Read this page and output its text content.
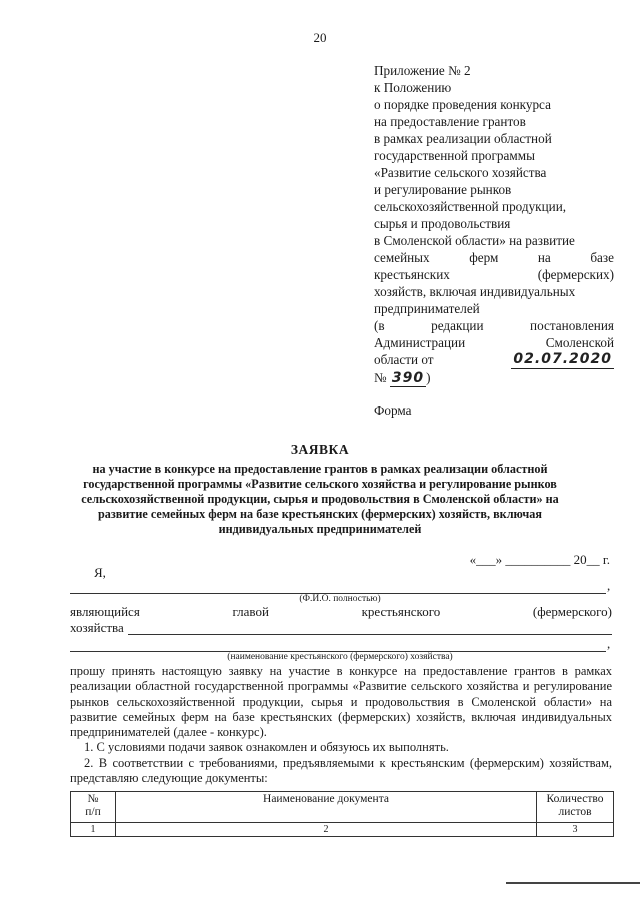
20
Приложение № 2
к Положению
о порядке проведения конкурса
на предоставление грантов
в рамках реализации областной
государственной программы
«Развитие сельского хозяйства
и регулирование рынков
сельскохозяйственной продукции,
сырья и продовольствия
в Смоленской области» на развитие
семейных	ферм	на	базе
крестьянских	(фермерских)
хозяйств, включая индивидуальных
предпринимателей
(в	редакции	постановления
Администрации	Смоленской
области от	02.07.2020
№ 390 )
Форма
ЗАЯВКА
на участие в конкурсе на предоставление грантов в рамках реализации областной государственной программы «Развитие сельского хозяйства и регулирование рынков сельскохозяйственной продукции, сырья и продовольствия в Смоленской области» на развитие семейных ферм на базе крестьянских (фермерских) хозяйств, включая индивидуальных предпринимателей
«___» __________ 20__ г.
Я,
,
(Ф.И.О. полностью)
являющийся	главой	крестьянского	(фермерского)
хозяйства
,
(наименование крестьянского (фермерского) хозяйства)

прошу принять настоящую заявку на участие в конкурсе на предоставление грантов в рамках реализации областной государственной программы «Развитие сельского хозяйства и регулирование рынков сельскохозяйственной продукции, сырья и продовольствия в Смоленской области» на развитие семейных ферм на базе крестьянских (фермерских) хозяйств, включая индивидуальных предпринимателей (далее - конкурс).

1. С условиями подачи заявок ознакомлен и обязуюсь их выполнять.

2. В соответствии с требованиями, предъявляемыми к крестьянским (фермерским) хозяйствам, представляю следующие документы:

№
п/п	Наименование документа	Количество
листов
1	2	3
